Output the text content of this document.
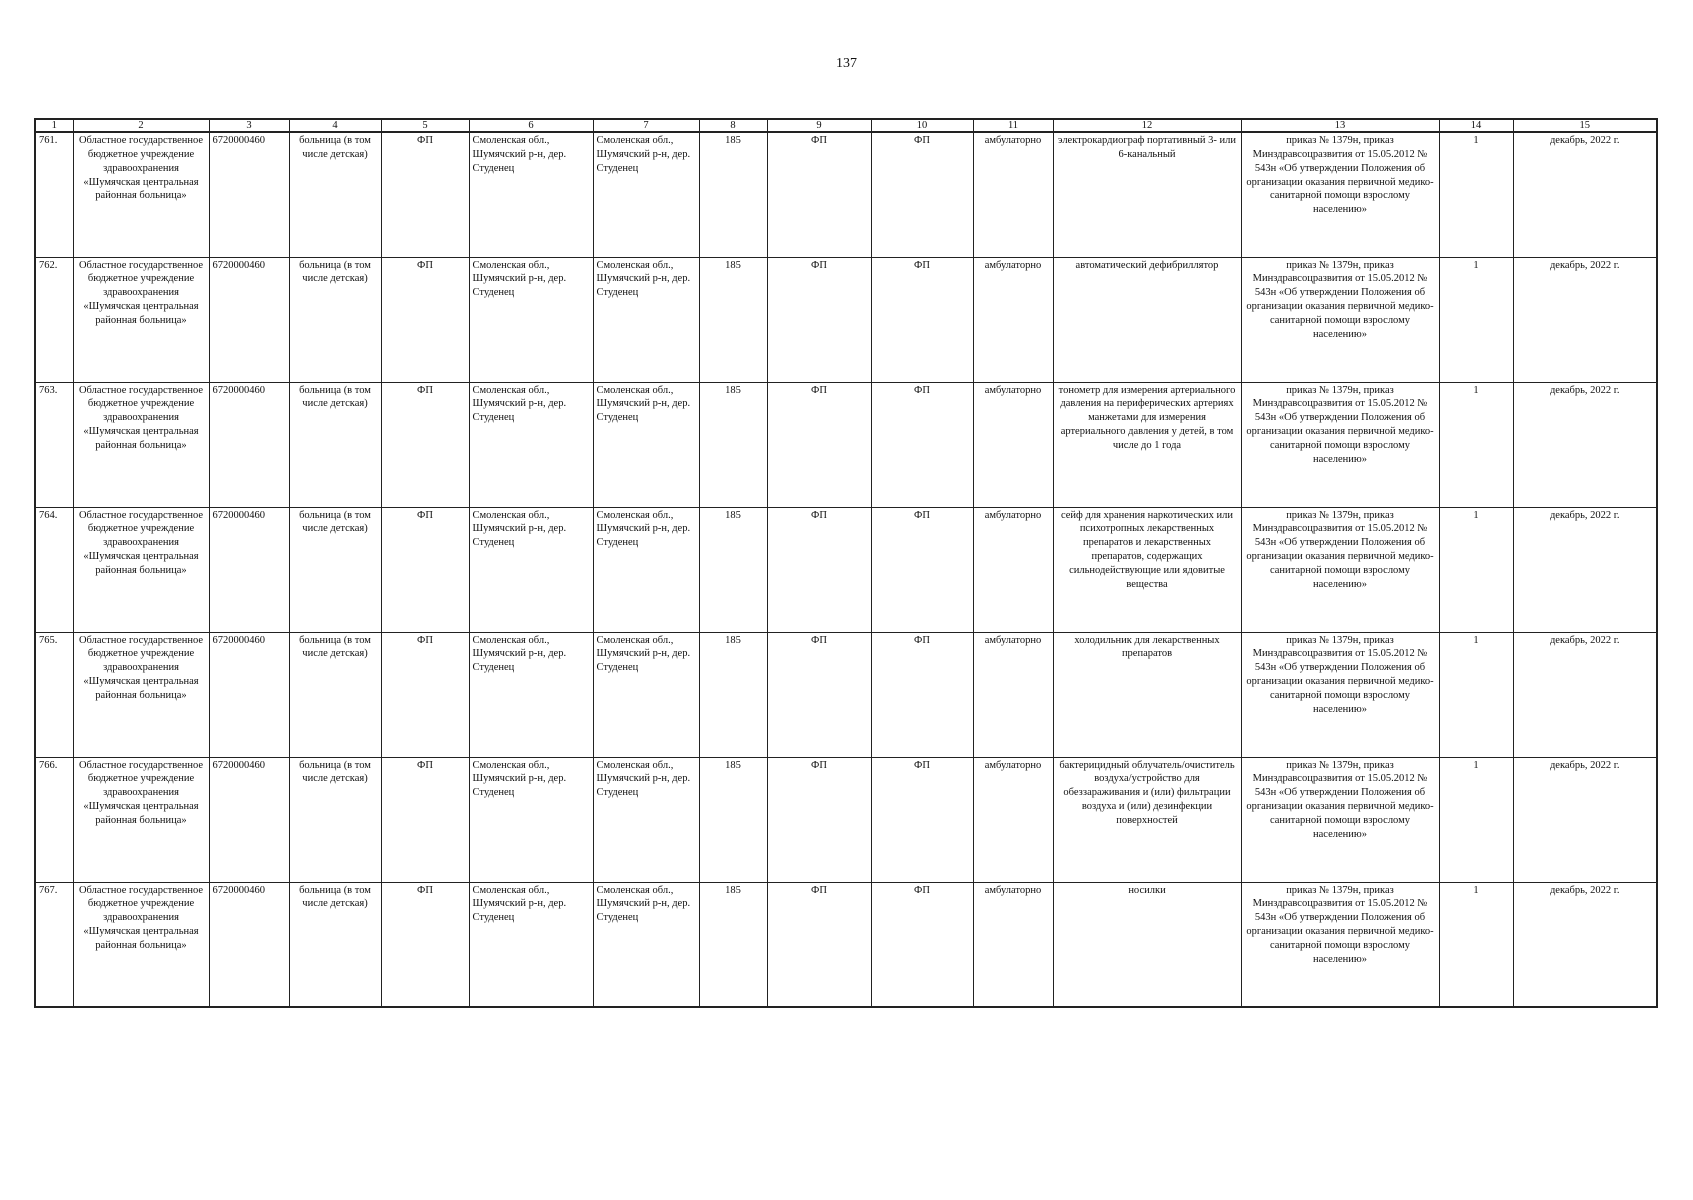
137
1	2	3	4	5	6	7	8	9	10	11	12	13	14	15
761.	Областное государственное бюджетное учреждение здравоохранения «Шумячская центральная районная больница»	6720000460	больница (в том числе детская)	ФП	Смоленская обл., Шумячский р-н, дер. Студенец	Смоленская обл., Шумячский р-н, дер. Студенец	185	ФП	ФП	амбулаторно	электрокардиограф портативный 3- или 6-канальный	приказ № 1379н, приказ Минздравсоцразвития от 15.05.2012 № 543н «Об утверждении Положения об организации оказания первичной медико-санитарной помощи взрослому населению»	1	декабрь, 2022 г.
762.	Областное государственное бюджетное учреждение здравоохранения «Шумячская центральная районная больница»	6720000460	больница (в том числе детская)	ФП	Смоленская обл., Шумячский р-н, дер. Студенец	Смоленская обл., Шумячский р-н, дер. Студенец	185	ФП	ФП	амбулаторно	автоматический дефибриллятор	приказ № 1379н, приказ Минздравсоцразвития от 15.05.2012 № 543н «Об утверждении Положения об организации оказания первичной медико-санитарной помощи взрослому населению»	1	декабрь, 2022 г.
763.	Областное государственное бюджетное учреждение здравоохранения «Шумячская центральная районная больница»	6720000460	больница (в том числе детская)	ФП	Смоленская обл., Шумячский р-н, дер. Студенец	Смоленская обл., Шумячский р-н, дер. Студенец	185	ФП	ФП	амбулаторно	тонометр для измерения артериального давления на периферических артериях манжетами для измерения артериального давления у детей, в том числе до 1 года	приказ № 1379н, приказ Минздравсоцразвития от 15.05.2012 № 543н «Об утверждении Положения об организации оказания первичной медико-санитарной помощи взрослому населению»	1	декабрь, 2022 г.
764.	Областное государственное бюджетное учреждение здравоохранения «Шумячская центральная районная больница»	6720000460	больница (в том числе детская)	ФП	Смоленская обл., Шумячский р-н, дер. Студенец	Смоленская обл., Шумячский р-н, дер. Студенец	185	ФП	ФП	амбулаторно	сейф для хранения наркотических или психотропных лекарственных препаратов и лекарственных препаратов, содержащих сильнодействующие или ядовитые вещества	приказ № 1379н, приказ Минздравсоцразвития от 15.05.2012 № 543н «Об утверждении Положения об организации оказания первичной медико-санитарной помощи взрослому населению»	1	декабрь, 2022 г.
765.	Областное государственное бюджетное учреждение здравоохранения «Шумячская центральная районная больница»	6720000460	больница (в том числе детская)	ФП	Смоленская обл., Шумячский р-н, дер. Студенец	Смоленская обл., Шумячский р-н, дер. Студенец	185	ФП	ФП	амбулаторно	холодильник для лекарственных препаратов	приказ № 1379н, приказ Минздравсоцразвития от 15.05.2012 № 543н «Об утверждении Положения об организации оказания первичной медико-санитарной помощи взрослому населению»	1	декабрь, 2022 г.
766.	Областное государственное бюджетное учреждение здравоохранения «Шумячская центральная районная больница»	6720000460	больница (в том числе детская)	ФП	Смоленская обл., Шумячский р-н, дер. Студенец	Смоленская обл., Шумячский р-н, дер. Студенец	185	ФП	ФП	амбулаторно	бактерицидный облучатель/очиститель воздуха/устройство для обеззараживания и (или) фильтрации воздуха и (или) дезинфекции поверхностей	приказ № 1379н, приказ Минздравсоцразвития от 15.05.2012 № 543н «Об утверждении Положения об организации оказания первичной медико-санитарной помощи взрослому населению»	1	декабрь, 2022 г.
767.	Областное государственное бюджетное учреждение здравоохранения «Шумячская центральная районная больница»	6720000460	больница (в том числе детская)	ФП	Смоленская обл., Шумячский р-н, дер. Студенец	Смоленская обл., Шумячский р-н, дер. Студенец	185	ФП	ФП	амбулаторно	носилки	приказ № 1379н, приказ Минздравсоцразвития от 15.05.2012 № 543н «Об утверждении Положения об организации оказания первичной медико-санитарной помощи взрослому населению»	1	декабрь, 2022 г.
